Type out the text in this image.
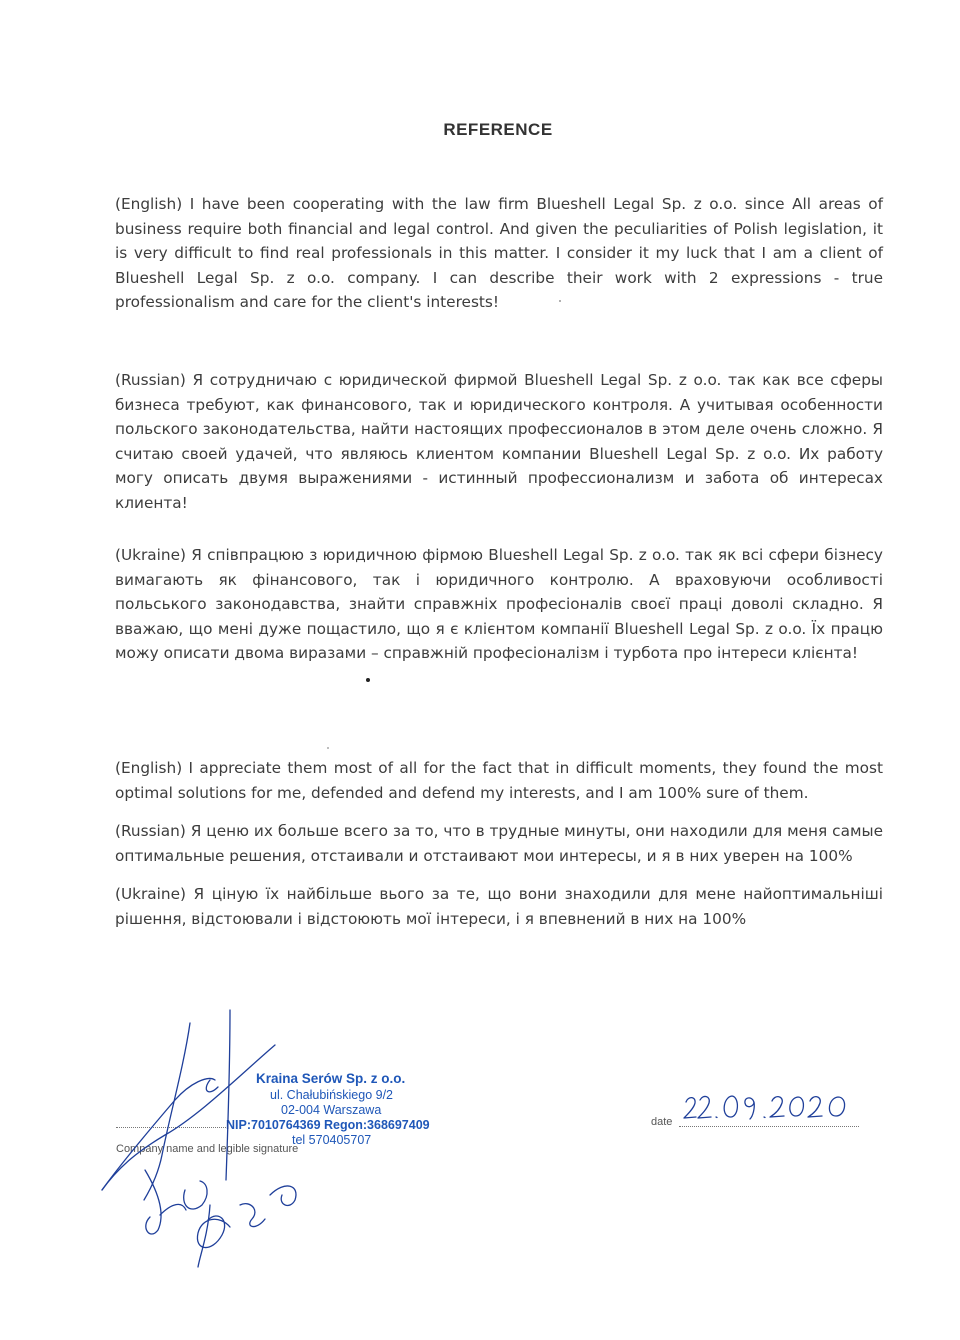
REFERENCE

(English) I have been cooperating with the law firm Blueshell Legal Sp. z o.o. since All areas of business require both financial and legal control. And given the peculiarities of Polish legislation, it is very difficult to find real professionals in this matter. I consider it my luck that I am a client of Blueshell Legal Sp. z o.o. company. I can describe their work with 2 expressions - true professionalism and care for the client's interests!

(Russian) Я сотрудничаю с юридической фирмой Blueshell Legal Sp. z o.o. так как все сферы бизнеса требуют, как финансового, так и юридического контроля. А учитывая особенности польского законодательства, найти настоящих профессионалов в этом деле очень сложно. Я считаю своей удачей, что являюсь клиентом компании Blueshell Legal Sp. z o.o. Их работу могу описать двумя выражениями - истинный профессионализм и забота об интересах клиента!

(Ukraine) Я співпрацюю з юридичною фірмою Blueshell Legal Sp. z o.o. так як всі сфери бізнесу вимагають як фінансового, так і юридичного контролю. А враховуючи особливості польського законодавства, знайти справжніх професіоналів своєї праці доволі складно. Я вважаю, що мені дуже пощастило, що я є клієнтом компанії Blueshell Legal Sp. z o.o. Їх працю можу описати двома виразами – справжній професіоналізм і турбота про інтереси клієнта!

(English) I appreciate them most of all for the fact that in difficult moments, they found the most optimal solutions for me, defended and defend my interests, and I am 100% sure of them.

(Russian) Я ценю их больше всего за то, что в трудные минуты, они находили для меня самые оптимальные решения, отстаивали и отстаивают мои интересы, и я в них уверен на 100%

(Ukraine) Я ціную їх найбільше вього за те, що вони знаходили для мене найоптимальніші рішення, відстоювали і відстоюють мої інтереси, і я впевнений в них на 100%

Kraina Serów Sp. z o.o.
ul. Chałubińskiego 9/2
02-004 Warszawa
NIP:7010764369 Regon:368697409
tel 570405707
Company name and legible signature
date
